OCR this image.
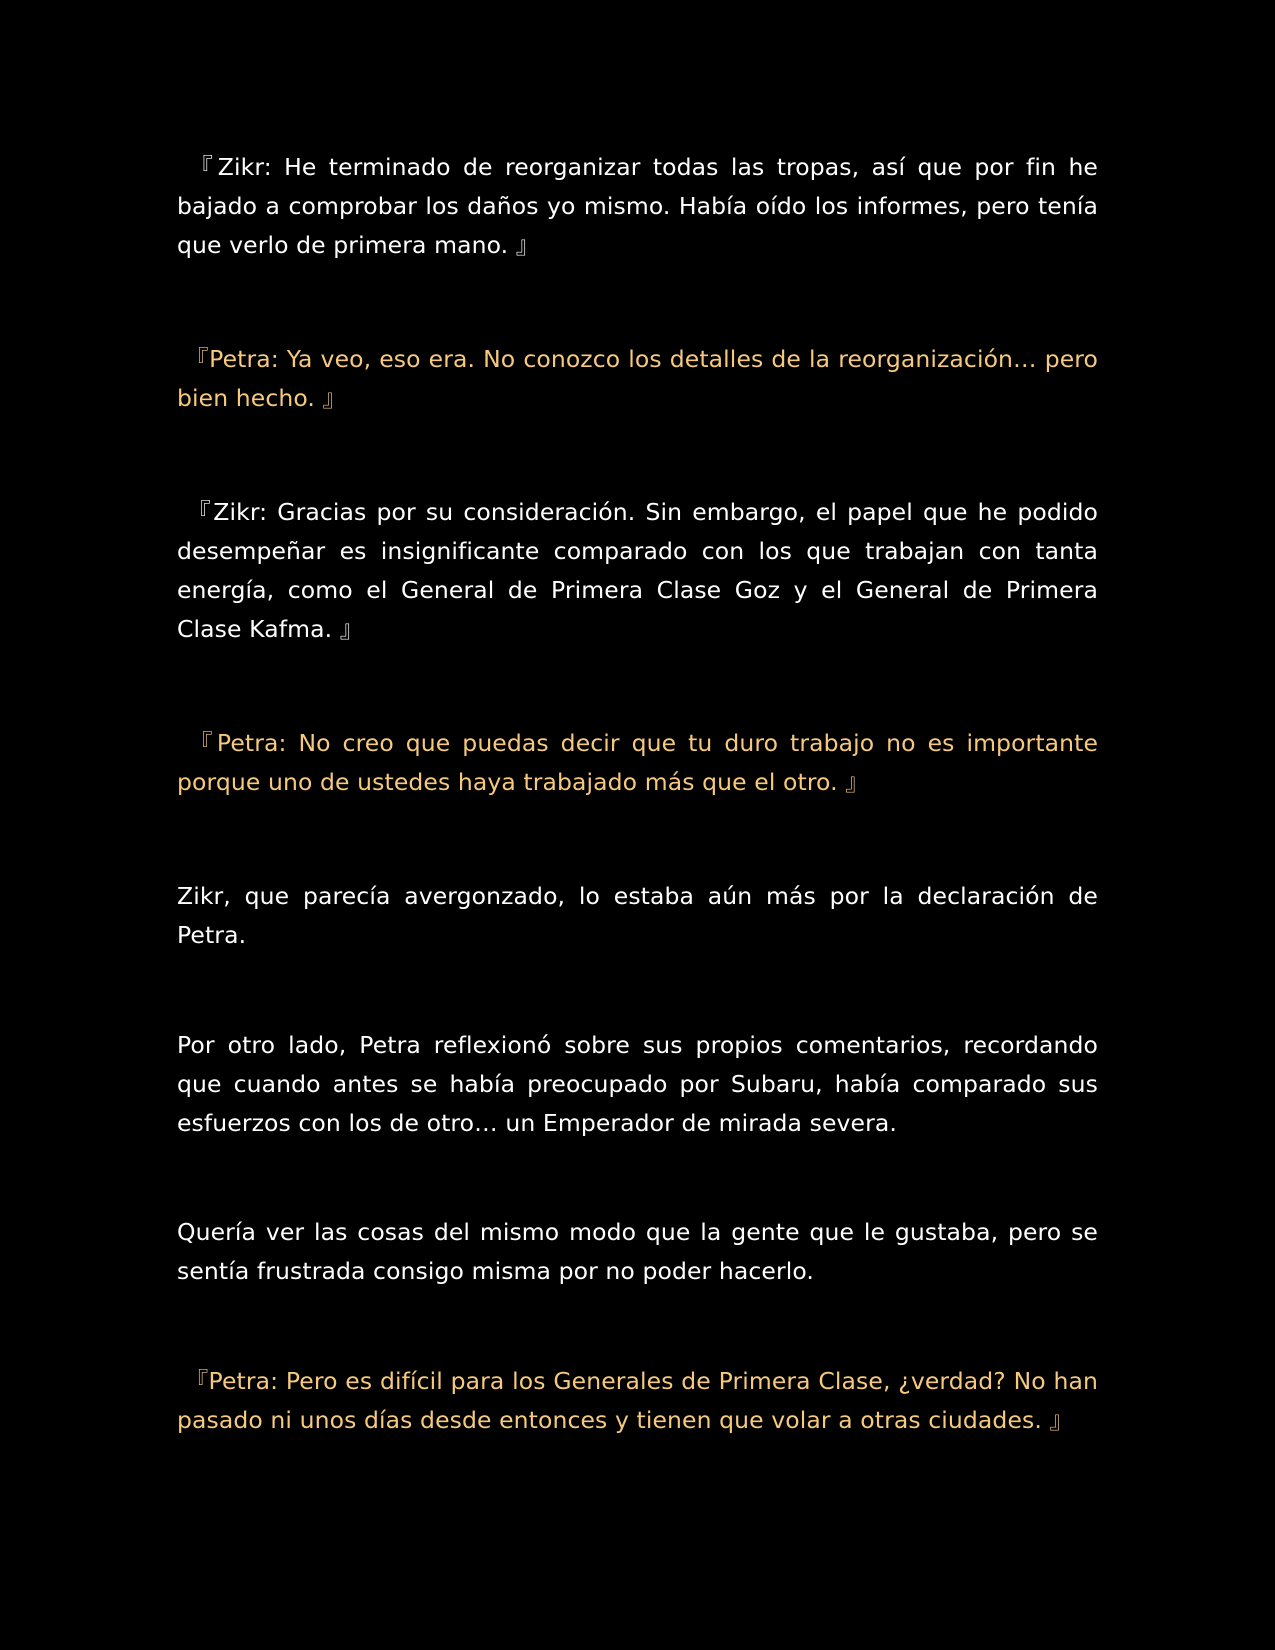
『Zikr: He terminado de reorganizar todas las tropas, así que por fin he bajado a comprobar los daños yo mismo. Había oído los informes, pero tenía que verlo de primera mano. 』

『Petra: Ya veo, eso era. No conozco los detalles de la reorganización… pero bien hecho. 』

『Zikr: Gracias por su consideración. Sin embargo, el papel que he podido desempeñar es insignificante comparado con los que trabajan con tanta energía, como el General de Primera Clase Goz y el General de Primera Clase Kafma. 』

『Petra: No creo que puedas decir que tu duro trabajo no es importante porque uno de ustedes haya trabajado más que el otro. 』

Zikr, que parecía avergonzado, lo estaba aún más por la declaración de Petra.

Por otro lado, Petra reflexionó sobre sus propios comentarios, recordando que cuando antes se había preocupado por Subaru, había comparado sus esfuerzos con los de otro… un Emperador de mirada severa.

Quería ver las cosas del mismo modo que la gente que le gustaba, pero se sentía frustrada consigo misma por no poder hacerlo.

『Petra: Pero es difícil para los Generales de Primera Clase, ¿verdad? No han pasado ni unos días desde entonces y tienen que volar a otras ciudades. 』
